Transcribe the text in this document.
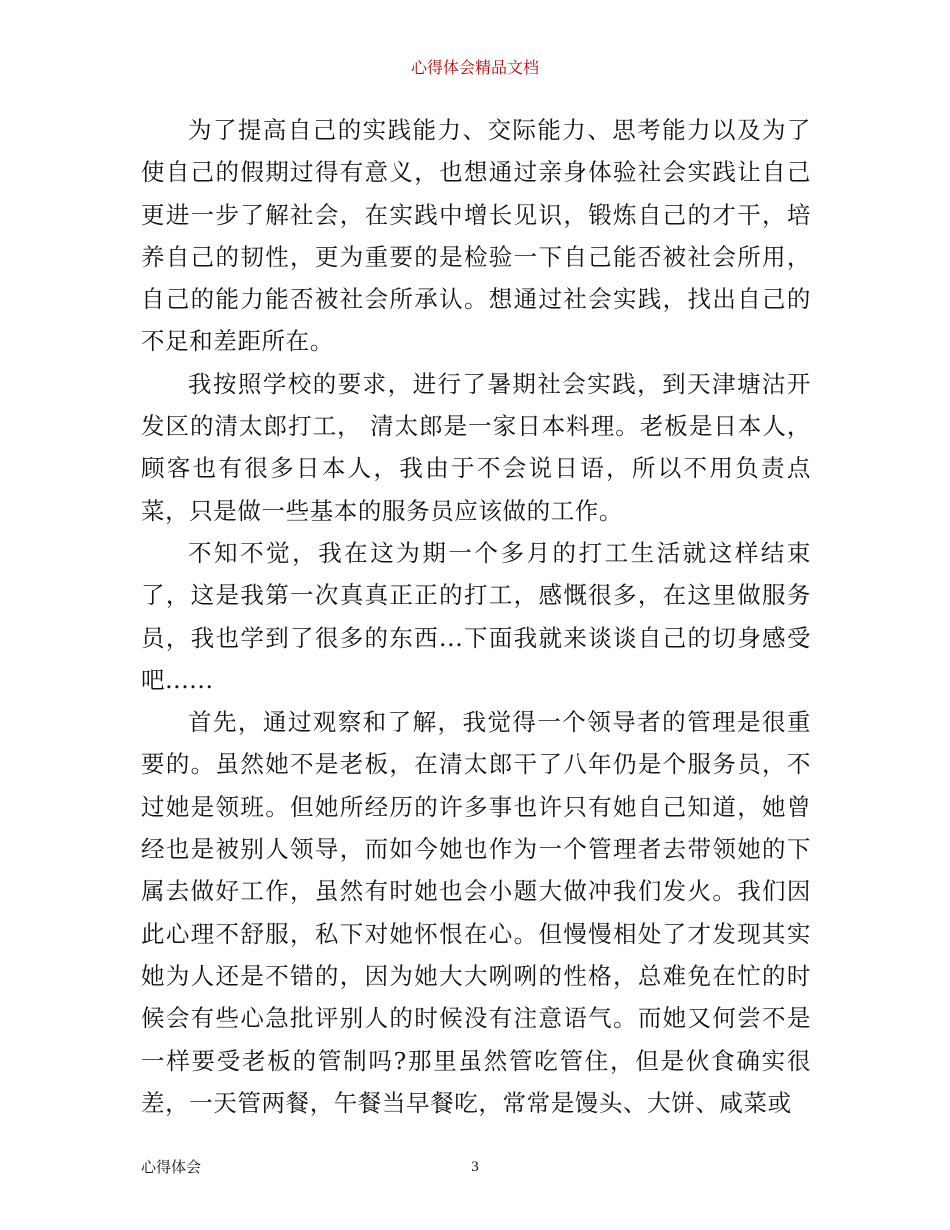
心得体会精品文档

为了提高自己的实践能力、交际能力、思考能力以及为了使自己的假期过得有意义，也想通过亲身体验社会实践让自己更进一步了解社会，在实践中增长见识，锻炼自己的才干，培养自己的韧性，更为重要的是检验一下自己能否被社会所用，自己的能力能否被社会所承认。想通过社会实践，找出自己的不足和差距所在。

我按照学校的要求，进行了暑期社会实践，到天津塘沽开发区的清太郎打工， 清太郎是一家日本料理。老板是日本人，顾客也有很多日本人，我由于不会说日语，所以不用负责点菜，只是做一些基本的服务员应该做的工作。

不知不觉，我在这为期一个多月的打工生活就这样结束了，这是我第一次真真正正的打工，感慨很多，在这里做服务员，我也学到了很多的东西...下面我就来谈谈自己的切身感受吧......

首先，通过观察和了解，我觉得一个领导者的管理是很重要的。虽然她不是老板，在清太郎干了八年仍是个服务员，不过她是领班。但她所经历的许多事也许只有她自己知道，她曾经也是被别人领导，而如今她也作为一个管理者去带领她的下属去做好工作，虽然有时她也会小题大做冲我们发火。我们因此心理不舒服，私下对她怀恨在心。但慢慢相处了才发现其实她为人还是不错的，因为她大大咧咧的性格，总难免在忙的时候会有些心急批评别人的时候没有注意语气。而她又何尝不是一样要受老板的管制吗?那里虽然管吃管住，但是伙食确实很差，一天管两餐，午餐当早餐吃，常常是馒头、大饼、咸菜或

心得体会	3
